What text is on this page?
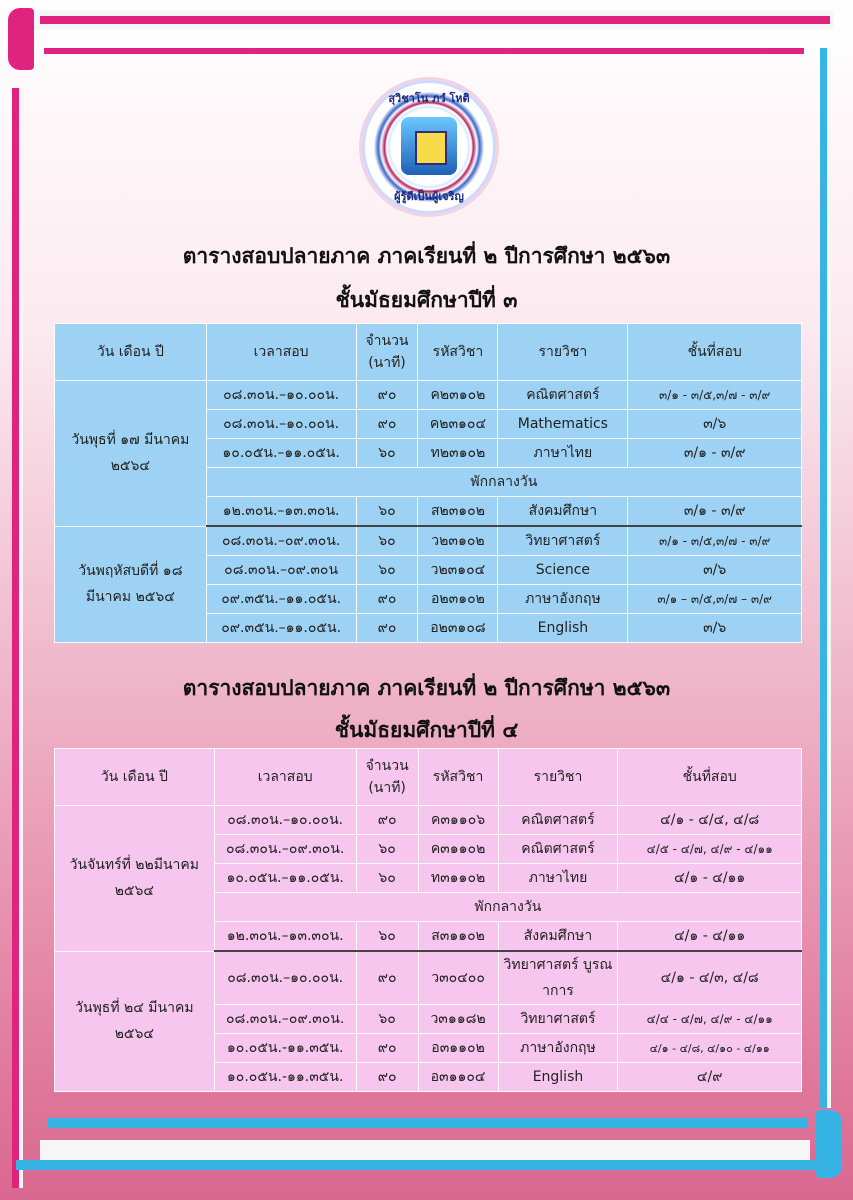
สุวิชาโน ภวํ โหติ
ผู้รู้ดีเป็นผู้เจริญ
ตารางสอบปลายภาค ภาคเรียนที่ ๒ ปีการศึกษา ๒๕๖๓
ชั้นมัธยมศึกษาปีที่ ๓
วัน เดือน ปี	เวลาสอบ	จำนวน (นาที)	รหัสวิชา	รายวิชา	ชั้นที่สอบ
วันพุธที่ ๑๗ มีนาคม ๒๕๖๔	๐๘.๓๐น.–๑๐.๐๐น.	๙๐	ค๒๓๑๐๒	คณิตศาสตร์	๓/๑ - ๓/๕,๓/๗ - ๓/๙
	๐๘.๓๐น.–๑๐.๐๐น.	๙๐	ค๒๓๑๐๔	Mathematics	๓/๖
	๑๐.๐๕น.–๑๑.๐๕น.	๖๐	ท๒๓๑๐๒	ภาษาไทย	๓/๑ - ๓/๙
	พักกลางวัน				
	๑๒.๓๐น.–๑๓.๓๐น.	๖๐	ส๒๓๑๐๒	สังคมศึกษา	๓/๑ - ๓/๙
วันพฤหัสบดีที่ ๑๘ มีนาคม ๒๕๖๔	๐๘.๓๐น.–๐๙.๓๐น.	๖๐	ว๒๓๑๐๒	วิทยาศาสตร์	๓/๑ - ๓/๕,๓/๗ - ๓/๙
	๐๘.๓๐น.–๐๙.๓๐น	๖๐	ว๒๓๑๐๔	Science	๓/๖
	๐๙.๓๕น.–๑๑.๐๕น.	๙๐	อ๒๓๑๐๒	ภาษาอังกฤษ	๓/๑ – ๓/๕,๓/๗ – ๓/๙
	๐๙.๓๕น.–๑๑.๐๕น.	๙๐	อ๒๓๑๐๘	English	๓/๖
ตารางสอบปลายภาค ภาคเรียนที่ ๒ ปีการศึกษา ๒๕๖๓
ชั้นมัธยมศึกษาปีที่ ๔
วัน เดือน ปี	เวลาสอบ	จำนวน (นาที)	รหัสวิชา	รายวิชา	ชั้นที่สอบ
วันจันทร์ที่ ๒๒มีนาคม ๒๕๖๔	๐๘.๓๐น.–๑๐.๐๐น.	๙๐	ค๓๑๑๐๖	คณิตศาสตร์	๔/๑ - ๔/๔, ๔/๘
	๐๘.๓๐น.–๐๙.๓๐น.	๖๐	ค๓๑๑๐๒	คณิตศาสตร์	๔/๕ - ๔/๗, ๔/๙ - ๔/๑๑
	๑๐.๐๕น.–๑๑.๐๕น.	๖๐	ท๓๑๑๐๒	ภาษาไทย	๔/๑ - ๔/๑๑
	พักกลางวัน				
	๑๒.๓๐น.–๑๓.๓๐น.	๖๐	ส๓๑๑๐๒	สังคมศึกษา	๔/๑ - ๔/๑๑
วันพุธที่ ๒๔ มีนาคม ๒๕๖๔	๐๘.๓๐น.–๑๐.๐๐น.	๙๐	ว๓๐๔๐๐	วิทยาศาสตร์ บูรณาการ	๔/๑ - ๔/๓, ๔/๘
	๐๘.๓๐น.–๐๙.๓๐น.	๖๐	ว๓๑๑๘๒	วิทยาศาสตร์	๔/๔ - ๔/๗, ๔/๙ - ๔/๑๑
	๑๐.๐๕น.-๑๑.๓๕น.	๙๐	อ๓๑๑๐๒	ภาษาอังกฤษ	๔/๑ - ๔/๘, ๔/๑๐ - ๔/๑๑
	๑๐.๐๕น.-๑๑.๓๕น.	๙๐	อ๓๑๑๐๔	English	๔/๙
